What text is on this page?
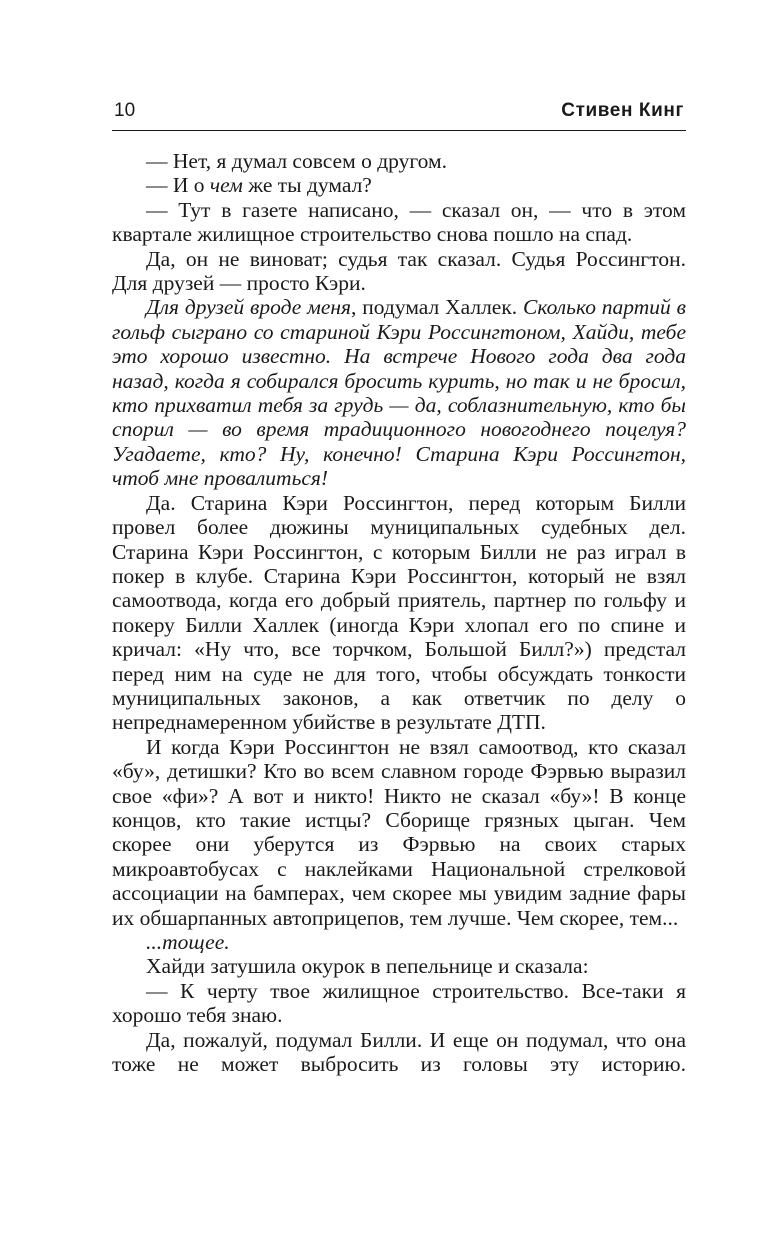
10	Стивен Кинг

— Нет, я думал совсем о другом.

— И о чем же ты думал?

— Тут в газете написано, — сказал он, — что в этом квартале жилищное строительство снова пошло на спад.

Да, он не виноват; судья так сказал. Судья Россингтон. Для друзей — просто Кэри.

Для друзей вроде меня, подумал Халлек. Сколько партий в гольф сыграно со стариной Кэри Россингтоном, Хайди, тебе это хорошо известно. На встрече Нового года два года назад, когда я собирался бросить курить, но так и не бросил, кто прихватил тебя за грудь — да, соблазнительную, кто бы спорил — во время традиционного новогоднего поцелуя? Угадаете, кто? Ну, конечно! Старина Кэри Россингтон, чтоб мне провалиться!

Да. Старина Кэри Россингтон, перед которым Билли провел более дюжины муниципальных судебных дел. Старина Кэри Россингтон, с которым Билли не раз играл в покер в клубе. Старина Кэри Россингтон, который не взял самоотвода, когда его добрый приятель, партнер по гольфу и покеру Билли Халлек (иногда Кэри хлопал его по спине и кричал: «Ну что, все торчком, Большой Билл?») предстал перед ним на суде не для того, чтобы обсуждать тонкости муниципальных законов, а как ответчик по делу о непреднамеренном убийстве в результате ДТП.

И когда Кэри Россингтон не взял самоотвод, кто сказал «бу», детишки? Кто во всем славном городе Фэрвью выразил свое «фи»? А вот и никто! Никто не сказал «бу»! В конце концов, кто такие истцы? Сборище грязных цыган. Чем скорее они уберутся из Фэрвью на своих старых микроавтобусах с наклейками Национальной стрелковой ассоциации на бамперах, чем скорее мы увидим задние фары их обшарпанных автоприцепов, тем лучше. Чем скорее, тем...

...тощее.

Хайди затушила окурок в пепельнице и сказала:

— К черту твое жилищное строительство. Все-таки я хорошо тебя знаю.

Да, пожалуй, подумал Билли. И еще он подумал, что она тоже не может выбросить из головы эту историю.
